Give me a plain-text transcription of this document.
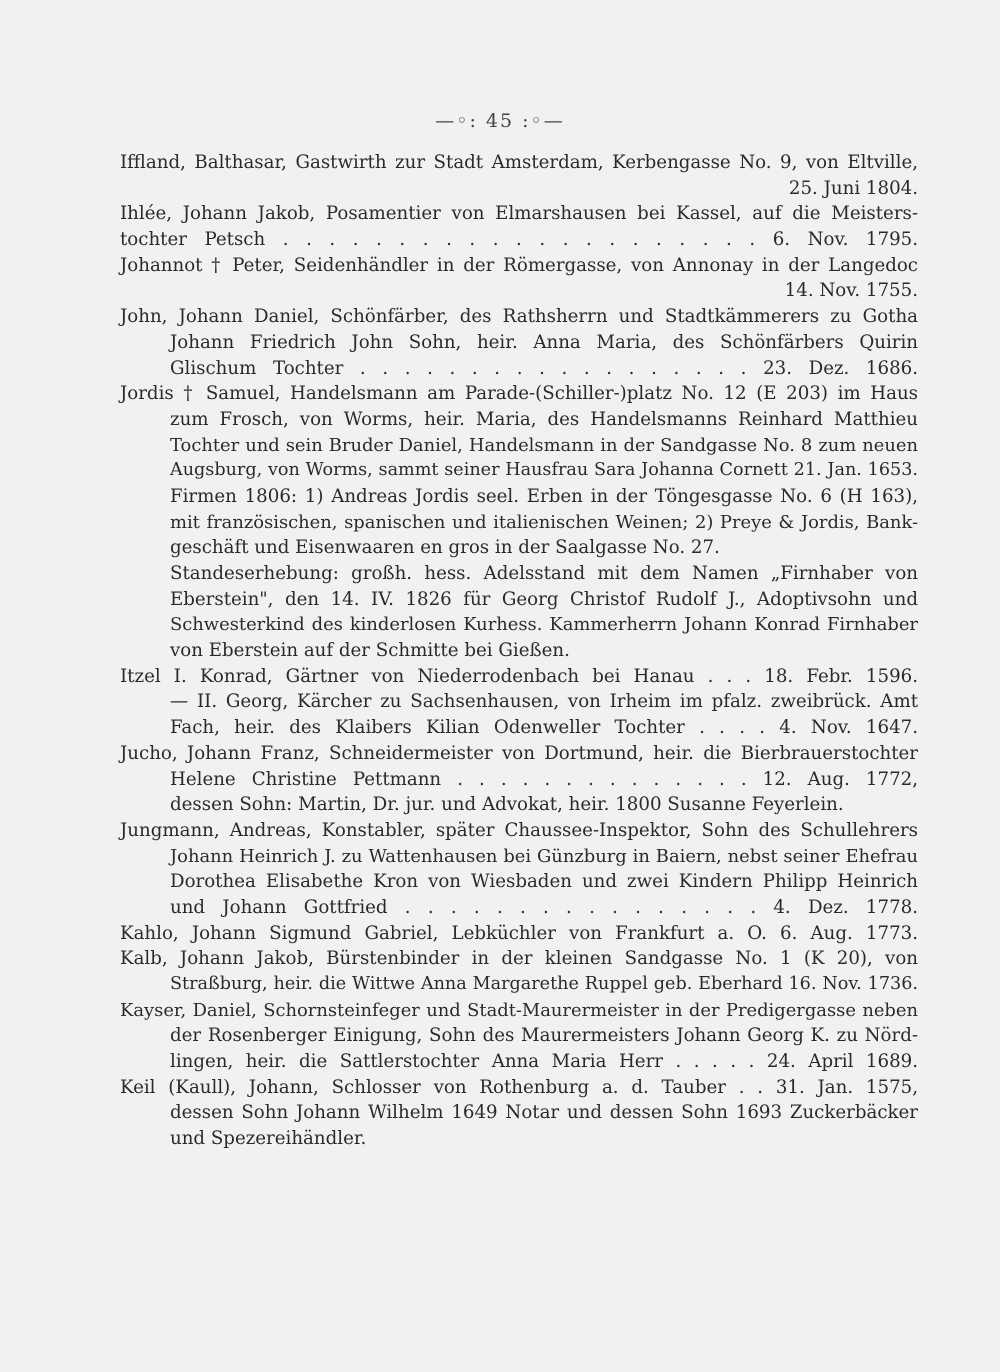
—◦: 45 :◦—
Iffland, Balthasar, Gastwirth zur Stadt Amsterdam, Kerbengasse No. 9, von Eltville,
25. Juni 1804.
Ihlée, Johann Jakob, Posamentier von Elmarshausen bei Kassel, auf die Meisters-
tochter Petsch . . . . . . . . . . . . . . . . . . . . . 6. Nov. 1795.
Johannot † Peter, Seidenhändler in der Römergasse, von Annonay in der Langedoc
14. Nov. 1755.
John, Johann Daniel, Schönfärber, des Rathsherrn und Stadtkämmerers zu Gotha
Johann Friedrich John Sohn, heir. Anna Maria, des Schönfärbers Quirin
Glischum Tochter . . . . . . . . . . . . . . . . . . 23. Dez. 1686.
Jordis † Samuel, Handelsmann am Parade-(Schiller-)platz No. 12 (E 203) im Haus
zum Frosch, von Worms, heir. Maria, des Handelsmanns Reinhard Matthieu
Tochter und sein Bruder Daniel, Handelsmann in der Sandgasse No. 8 zum neuen
Augsburg, von Worms, sammt seiner Hausfrau Sara Johanna Cornett 21. Jan. 1653.
Firmen 1806: 1) Andreas Jordis seel. Erben in der Töngesgasse No. 6 (H 163),
mit französischen, spanischen und italienischen Weinen; 2) Preye & Jordis, Bank-
geschäft und Eisenwaaren en gros in der Saalgasse No. 27.
Standeserhebung: großh. hess. Adelsstand mit dem Namen „Firnhaber von
Eberstein", den 14. IV. 1826 für Georg Christof Rudolf J., Adoptivsohn und
Schwesterkind des kinderlosen Kurhess. Kammerherrn Johann Konrad Firnhaber
von Eberstein auf der Schmitte bei Gießen.
Itzel I. Konrad, Gärtner von Niederrodenbach bei Hanau . . . 18. Febr. 1596.
— II. Georg, Kärcher zu Sachsenhausen, von Irheim im pfalz. zweibrück. Amt
Fach, heir. des Klaibers Kilian Odenweller Tochter . . . . 4. Nov. 1647.
Jucho, Johann Franz, Schneidermeister von Dortmund, heir. die Bierbrauerstochter
Helene Christine Pettmann . . . . . . . . . . . . . . 12. Aug. 1772,
dessen Sohn: Martin, Dr. jur. und Advokat, heir. 1800 Susanne Feyerlein.
Jungmann, Andreas, Konstabler, später Chaussee-Inspektor, Sohn des Schullehrers
Johann Heinrich J. zu Wattenhausen bei Günzburg in Baiern, nebst seiner Ehefrau
Dorothea Elisabethe Kron von Wiesbaden und zwei Kindern Philipp Heinrich
und Johann Gottfried . . . . . . . . . . . . . . . . 4. Dez. 1778.
Kahlo, Johann Sigmund Gabriel, Lebküchler von Frankfurt a. O. 6. Aug. 1773.
Kalb, Johann Jakob, Bürstenbinder in der kleinen Sandgasse No. 1 (K 20), von
Straßburg, heir. die Wittwe Anna Margarethe Ruppel geb. Eberhard 16. Nov. 1736.
Kayser, Daniel, Schornsteinfeger und Stadt-Maurermeister in der Predigergasse neben
der Rosenberger Einigung, Sohn des Maurermeisters Johann Georg K. zu Nörd-
lingen, heir. die Sattlerstochter Anna Maria Herr . . . . . 24. April 1689.
Keil (Kaull), Johann, Schlosser von Rothenburg a. d. Tauber . . 31. Jan. 1575,
dessen Sohn Johann Wilhelm 1649 Notar und dessen Sohn 1693 Zuckerbäcker
und Spezereihändler.
